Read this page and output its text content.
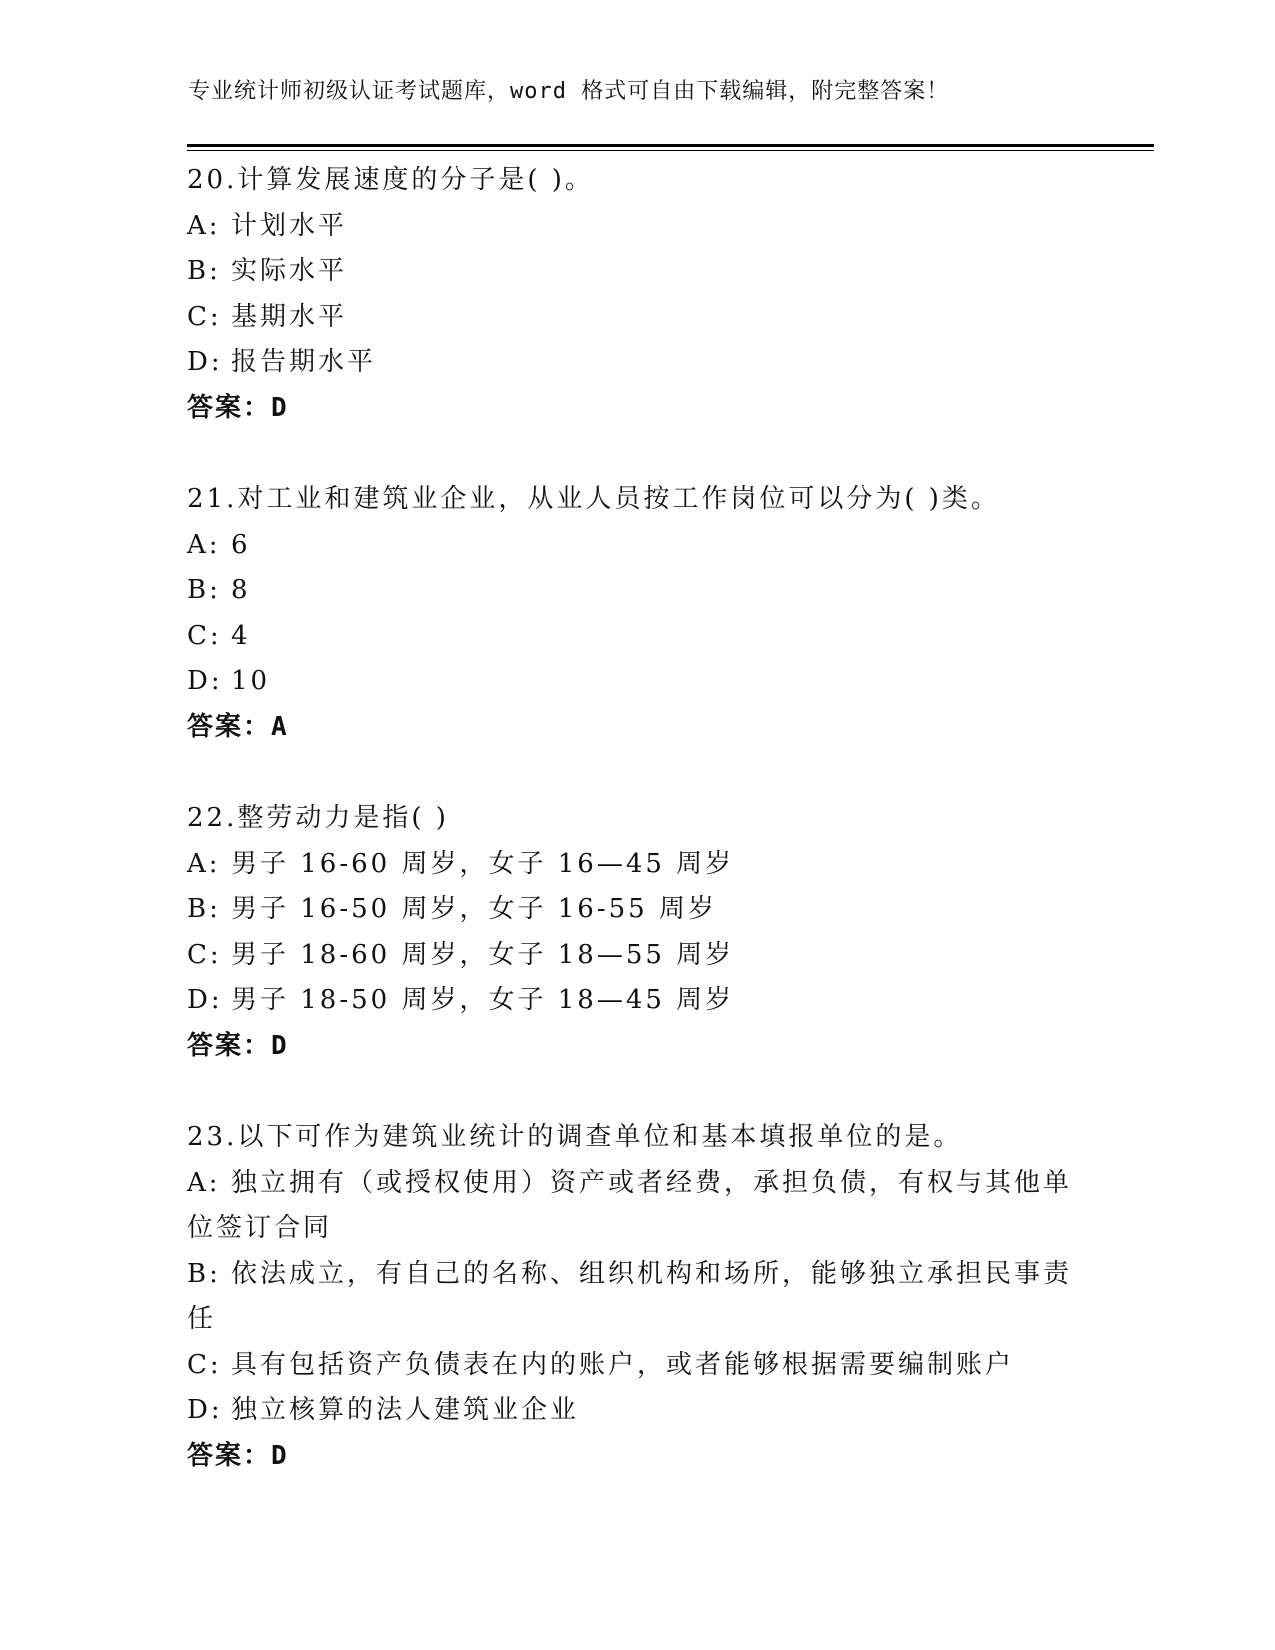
专业统计师初级认证考试题库，word 格式可自由下载编辑，附完整答案！
20.计算发展速度的分子是( )。
A: 计划水平
B: 实际水平
C: 基期水平
D: 报告期水平
答案：D
21.对工业和建筑业企业，从业人员按工作岗位可以分为( )类。
A: 6
B: 8
C: 4
D: 10
答案：A
22.整劳动力是指( )
A: 男子 16-60 周岁，女子 16—45 周岁
B: 男子 16-50 周岁，女子 16-55 周岁
C: 男子 18-60 周岁，女子 18—55 周岁
D: 男子 18-50 周岁，女子 18—45 周岁
答案：D
23.以下可作为建筑业统计的调查单位和基本填报单位的是。
A: 独立拥有（或授权使用）资产或者经费，承担负债，有权与其他单位签订合同
B: 依法成立，有自己的名称、组织机构和场所，能够独立承担民事责任
C: 具有包括资产负债表在内的账户，或者能够根据需要编制账户
D: 独立核算的法人建筑业企业
答案：D
